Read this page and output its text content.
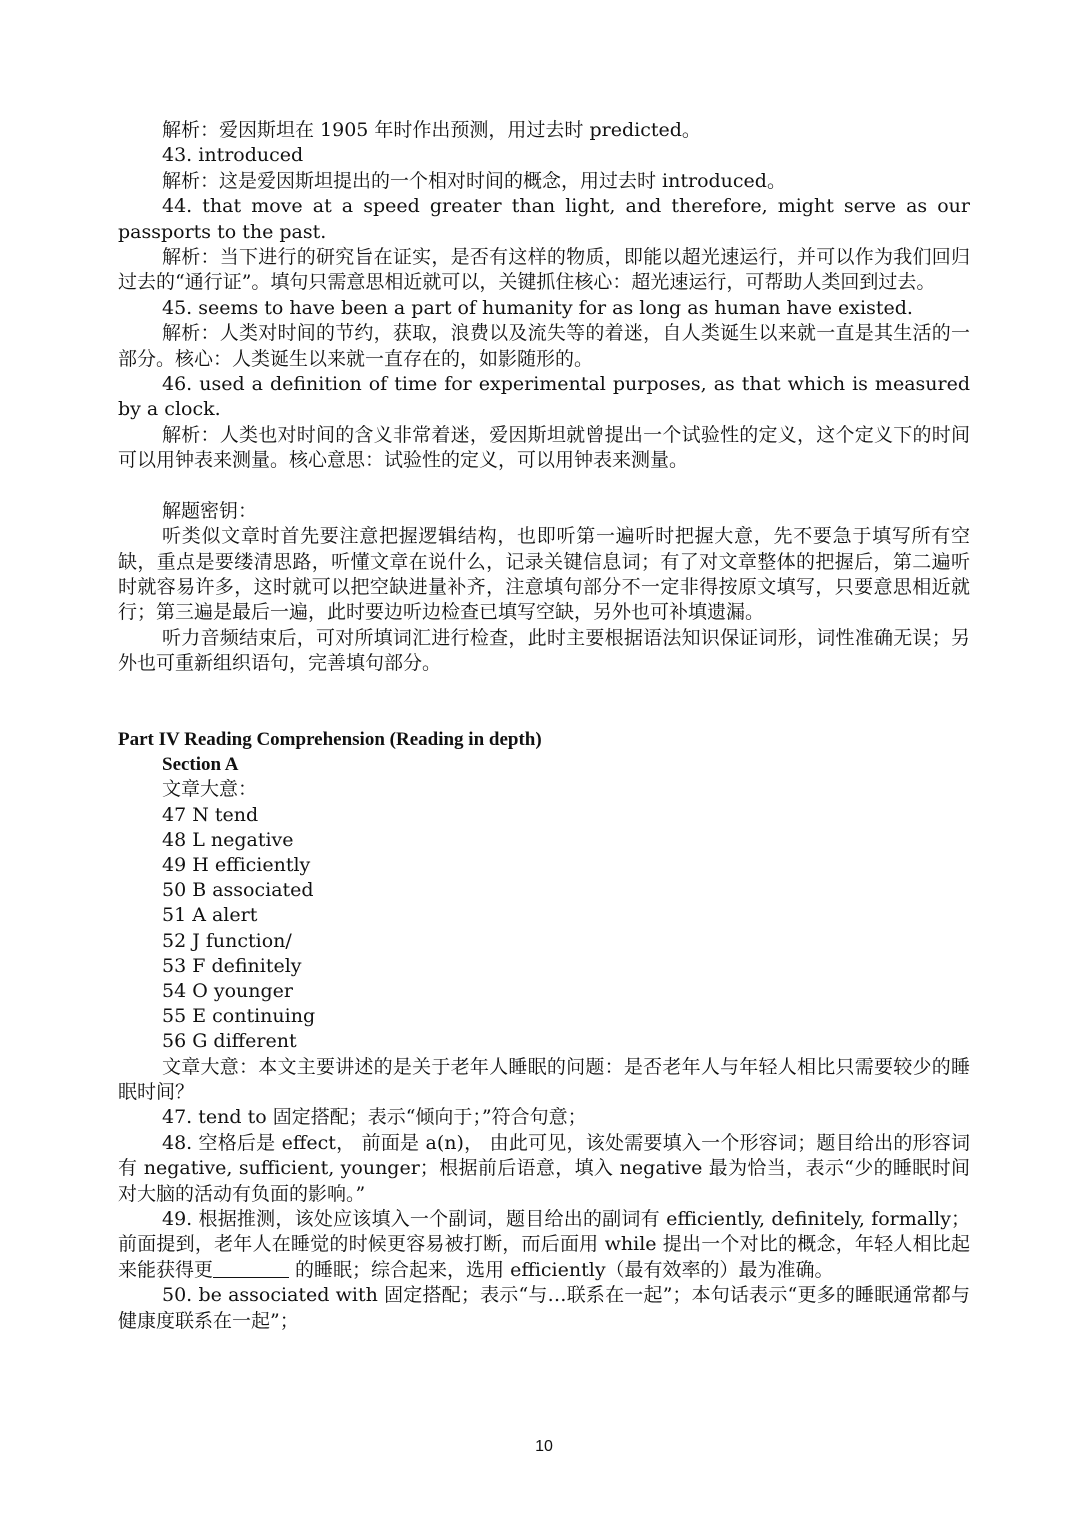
解析：爱因斯坦在 1905 年时作出预测，用过去时 predicted。

43. introduced

解析：这是爱因斯坦提出的一个相对时间的概念，用过去时 introduced。

44. that move at a speed greater than light, and therefore, might serve as our passports to the past.

解析：当下进行的研究旨在证实，是否有这样的物质，即能以超光速运行，并可以作为我们回归过去的“通行证”。填句只需意思相近就可以，关键抓住核心：超光速运行，可帮助人类回到过去。

45. seems to have been a part of humanity for as long as human have existed.

解析：人类对时间的节约，获取，浪费以及流失等的着迷，自人类诞生以来就一直是其生活的一部分。核心：人类诞生以来就一直存在的，如影随形的。

46. used a definition of time for experimental purposes, as that which is measured by a clock.

解析：人类也对时间的含义非常着迷，爱因斯坦就曾提出一个试验性的定义，这个定义下的时间可以用钟表来测量。核心意思：试验性的定义，可以用钟表来测量。

解题密钥：

听类似文章时首先要注意把握逻辑结构，也即听第一遍听时把握大意，先不要急于填写所有空缺，重点是要缕清思路，听懂文章在说什么，记录关键信息词；有了对文章整体的把握后，第二遍听时就容易许多，这时就可以把空缺进量补齐，注意填句部分不一定非得按原文填写，只要意思相近就行；第三遍是最后一遍，此时要边听边检查已填写空缺，另外也可补填遗漏。

听力音频结束后，可对所填词汇进行检查，此时主要根据语法知识保证词形，词性准确无误；另外也可重新组织语句，完善填句部分。

Part IV Reading Comprehension (Reading in depth)

Section A

文章大意：

47 N tend

48 L negative

49 H efficiently

50 B associated

51 A alert

52 J function/

53 F definitely

54 O younger

55 E continuing

56 G different

文章大意：本文主要讲述的是关于老年人睡眠的问题：是否老年人与年轻人相比只需要较少的睡眠时间？

47. tend to 固定搭配；表示“倾向于；”符合句意；

48. 空格后是 effect， 前面是 a(n)， 由此可见，该处需要填入一个形容词；题目给出的形容词有 negative, sufficient, younger；根据前后语意，填入 negative 最为恰当，表示“少的睡眠时间对大脑的活动有负面的影响。”

49. 根据推测，该处应该填入一个副词，题目给出的副词有 efficiently, definitely, formally；前面提到，老年人在睡觉的时候更容易被打断，而后面用 while 提出一个对比的概念，年轻人相比起来能获得更	的睡眠；综合起来，选用 efficiently（最有效率的）最为准确。

50. be associated with 固定搭配；表示“与…联系在一起”；本句话表示“更多的睡眠通常都与健康度联系在一起”；

10
